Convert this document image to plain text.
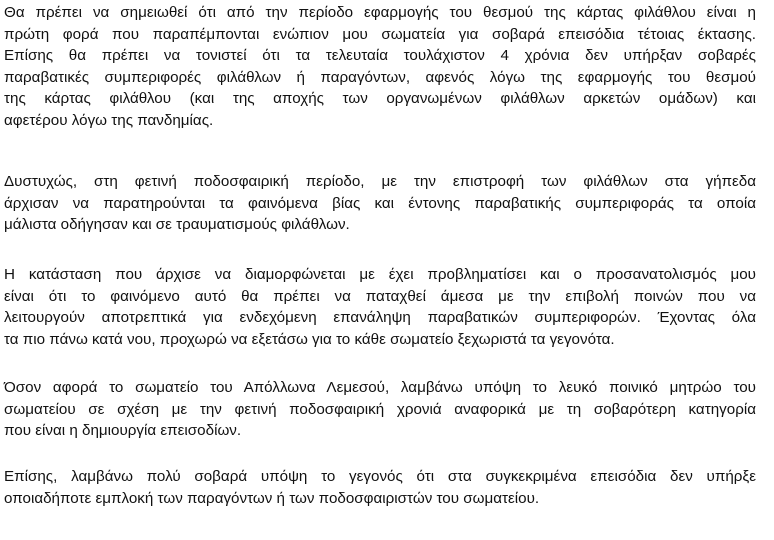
Θα πρέπει να σημειωθεί ότι από την περίοδο εφαρμογής του θεσμού της κάρτας φιλάθλου είναι η
πρώτη φορά που παραπέμπονται ενώπιον μου σωματεία για σοβαρά επεισόδια τέτοιας έκτασης.
Επίσης θα πρέπει να τονιστεί ότι τα τελευταία τουλάχιστον 4 χρόνια δεν υπήρξαν σοβαρές
παραβατικές συμπεριφορές φιλάθλων ή παραγόντων, αφενός λόγω της εφαρμογής του θεσμού
της κάρτας φιλάθλου (και της αποχής των οργανωμένων φιλάθλων αρκετών ομάδων) και
αφετέρου λόγω της πανδημίας.

Δυστυχώς, στη φετινή ποδοσφαιρική περίοδο, με την επιστροφή των φιλάθλων στα γήπεδα
άρχισαν να παρατηρούνται τα φαινόμενα βίας και έντονης παραβατικής συμπεριφοράς τα οποία
μάλιστα οδήγησαν και σε τραυματισμούς φιλάθλων.

Η κατάσταση που άρχισε να διαμορφώνεται με έχει προβληματίσει και ο προσανατολισμός μου
είναι ότι το φαινόμενο αυτό θα πρέπει να παταχθεί άμεσα με την επιβολή ποινών που να
λειτουργούν αποτρεπτικά για ενδεχόμενη επανάληψη παραβατικών συμπεριφορών. Έχοντας όλα
τα πιο πάνω κατά νου, προχωρώ να εξετάσω για το κάθε σωματείο ξεχωριστά τα γεγονότα.

Όσον αφορά το σωματείο του Απόλλωνα Λεμεσού, λαμβάνω υπόψη το λευκό ποινικό μητρώο του
σωματείου σε σχέση με την φετινή ποδοσφαιρική χρονιά αναφορικά με τη σοβαρότερη κατηγορία
που είναι η δημιουργία επεισοδίων.

Επίσης, λαμβάνω πολύ σοβαρά υπόψη το γεγονός ότι στα συγκεκριμένα επεισόδια δεν υπήρξε
οποιαδήποτε εμπλοκή των παραγόντων ή των ποδοσφαιριστών του σωματείου.
